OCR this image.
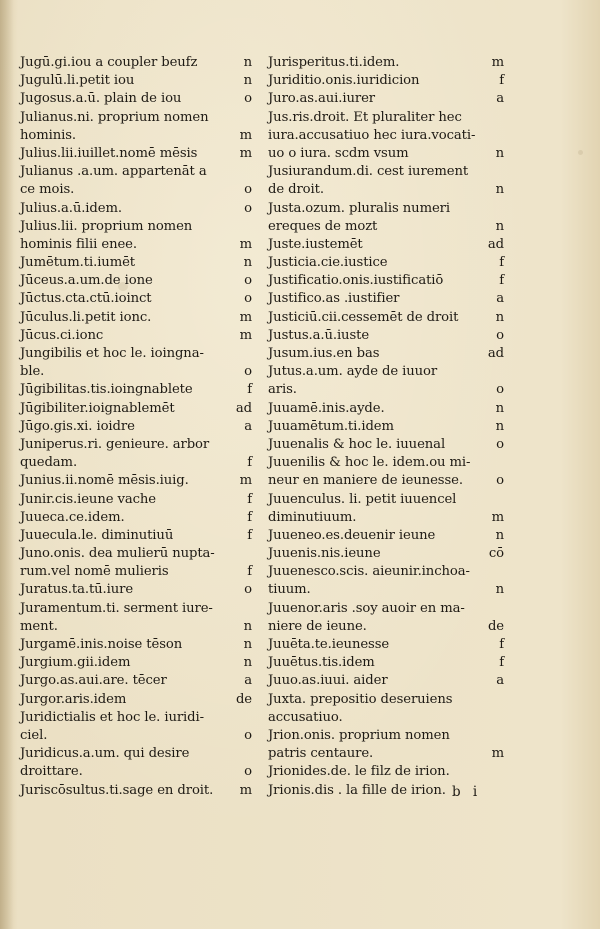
Jugū.gi.iou a coupler beufz	n
Jugulū.li.petit iou	n
Jugosus.a.ū. plain de iou	o
Julianus.ni. proprium nomen
hominis.	m
Julius.lii.iuillet.nomē mēsis	m
Julianus .a.um. appartenāt a
ce mois.	o
Julius.a.ū.idem.	o
Julius.lii. proprium nomen
hominis filii enee.	m
Jumētum.ti.iumēt	n
Jūceus.a.um.de ione	o
Jūctus.cta.ctū.ioinct	o
Jūculus.li.petit ionc.	m
Jūcus.ci.ionc	m
Jungibilis et hoc le. ioingna-
ble.	o
Jūgibilitas.tis.ioingnablete	f
Jūgibiliter.ioignablemēt	ad
Jūgo.gis.xi. ioidre	a
Juniperus.ri. genieure. arbor
quedam.	f
Junius.ii.nomē mēsis.iuig.	m
Junir.cis.ieune vache	f
Juueca.ce.idem.	f
Juuecula.le. diminutiuū	f
Juno.onis. dea mulierū nupta-
rum.vel nomē mulieris	f
Juratus.ta.tū.iure	o
Juramentum.ti. serment iure-
ment.	n
Jurgamē.inis.noise tēson	n
Jurgium.gii.idem	n
Jurgo.as.aui.are. tēcer	a
Jurgor.aris.idem	de
Juridictialis et hoc le. iuridi-
ciel.	o
Juridicus.a.um. qui desire
droittare.	o
Juriscōsultus.ti.sage en droit. m
Jurisperitus.ti.idem.	m
Juriditio.onis.iuridicion	f
Juro.as.aui.iurer	a
Jus.ris.droit. Et pluraliter hec
iura.accusatiuo hec iura.vocati-
uo o iura. scdm vsum	n
Jusiurandum.di. cest iurement
de droit.	n
Justa.ozum. pluralis numeri
ereques de mozt	n
Juste.iustemēt	ad
Justicia.cie.iustice	f
Justificatio.onis.iustificatiō	f
Justifico.as .iustifier	a
Justiciū.cii.cessemēt de droit	n
Justus.a.ū.iuste	o
Jusum.ius.en bas	ad
Jutus.a.um. ayde de iuuor
aris.	o
Juuamē.inis.ayde.	n
Juuamētum.ti.idem	n
Juuenalis & hoc le. iuuenal	o
Juuenilis & hoc le. idem.ou mi-
neur en maniere de ieunesse.	o
Juuenculus. li. petit iuuencel
diminutiuum.	m
Juueneo.es.deuenir ieune	n
Juuenis.nis.ieune	cō
Juuenesco.scis. aieunir.inchoa-
tiuum.	n
Juuenor.aris .soy auoir en ma-
niere de ieune.	de
Juuēta.te.ieunesse	f
Juuētus.tis.idem	f
Juuo.as.iuui. aider	a
Juxta. prepositio deseruiens
accusatiuo.
Jrion.onis. proprium nomen
patris centaure.	m
Jrionides.de. le filz de irion.
Jrionis.dis . la fille de irion. b i
